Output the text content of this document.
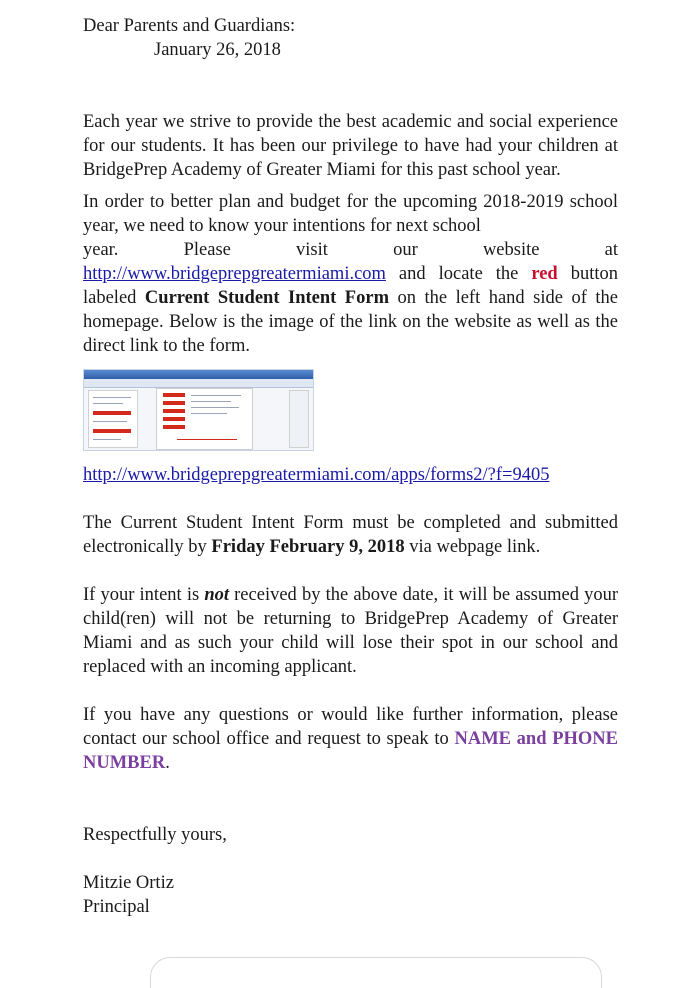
Dear Parents and Guardians:
January 26, 2018

Each year we strive to provide the best academic and social experience for our students. It has been our privilege to have had your children at BridgePrep Academy of Greater Miami for this past school year.

In order to better plan and budget for the upcoming 2018-2019 school year, we need to know your intentions for next school
year.	Please	visit	our	website	at
http://www.bridgeprepgreatermiami.com and locate the red button labeled Current Student Intent Form on the left hand side of the homepage. Below is the image of the link on the website as well as the direct link to the form.

http://www.bridgeprepgreatermiami.com/apps/forms2/?f=9405

The Current Student Intent Form must be completed and submitted electronically by Friday February 9, 2018 via webpage link.

If your intent is not received by the above date, it will be assumed your child(ren) will not be returning to BridgePrep Academy of Greater Miami and as such your child will lose their spot in our school and replaced with an incoming applicant.

If you have any questions or would like further information, please contact our school office and request to speak to NAME and PHONE NUMBER.

Respectfully yours,
Mitzie Ortiz
Principal
